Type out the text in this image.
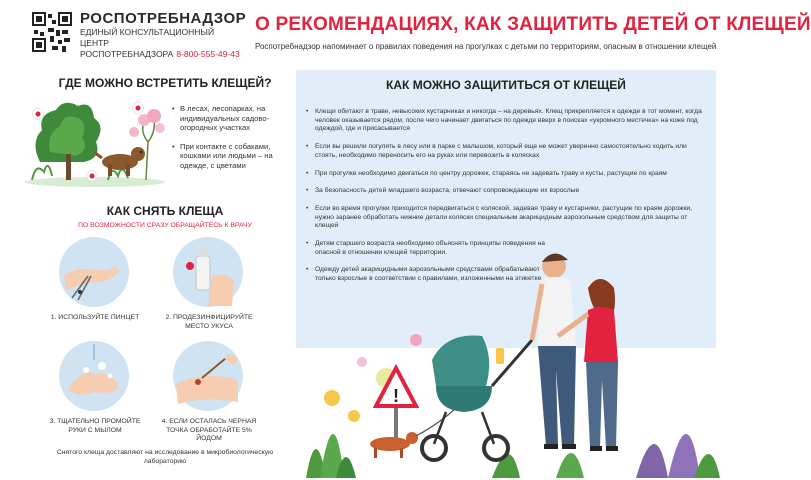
РОСПОТРЕБНАДЗОР
ЕДИНЫЙ КОНСУЛЬТАЦИОННЫЙ ЦЕНТР
РОСПОТРЕБНАДЗОРА 8-800-555-49-43
О РЕКОМЕНДАЦИЯХ, КАК ЗАЩИТИТЬ ДЕТЕЙ ОТ КЛЕЩЕЙ
Роспотребнадзор напоминает о правилах поведения на прогулках с детьми по территориям, опасным в отношении клещей
ГДЕ МОЖНО ВСТРЕТИТЬ КЛЕЩЕЙ?
• В лесах, лесопарках, на индивидуальных садово-огородных участках
• При контакте с собаками, кошками или людьми – на одежде, с цветами
КАК СНЯТЬ КЛЕЩА
ПО ВОЗМОЖНОСТИ СРАЗУ ОБРАЩАЙТЕСЬ К ВРАЧУ
1. ИСПОЛЬЗУЙТЕ ПИНЦЕТ	2. ПРОДЕЗИНФИЦИРУЙТЕ МЕСТО УКУСА
3. ТЩАТЕЛЬНО ПРОМОЙТЕ РУКИ С МЫЛОМ
4. ЕСЛИ ОСТАЛАСЬ ЧЕРНАЯ ТОЧКА ОБРАБОТАЙТЕ 5% ЙОДОМ
Снятого клеща доставляют на исследование в микробиологическую лабораторию
КАК МОЖНО ЗАЩИТИТЬСЯ ОТ КЛЕЩЕЙ
• Клещи обитают в траве, невысоких кустарниках и никогда – на деревьях. Клещ прикрепляется к одежде в тот момент, когда человек оказывается рядом, после чего начинает двигаться по одежде вверх в поисках «укромного местечка» на коже под одеждой, где и присасывается
• Если вы решили погулять в лесу или в парке с малышом, который еще не может уверенно самостоятельно ходить или стоять, необходимо переносить его на руках или перевозить в колясках
• При прогулке необходимо двигаться по центру дорожек, стараясь не задевать траву и кусты, растущие по краям
• За безопасность детей младшего возраста, отвечают сопровождающие их взрослые
• Если во время прогулки приходится передвигаться с коляской, задевая траву и кустарники, растущие по краям дорожки, нужно заранее обработать нижние детали коляски специальным акарицидным аэрозольным средством для защиты от клещей
• Детям старшего возраста необходимо объяснять принципы поведения на опасной в отношении клещей территории.
• Одежду детей акарицидными аэрозольными средствами обрабатывают только взрослые в соответствии с правилами, изложенными на этикетке
!
